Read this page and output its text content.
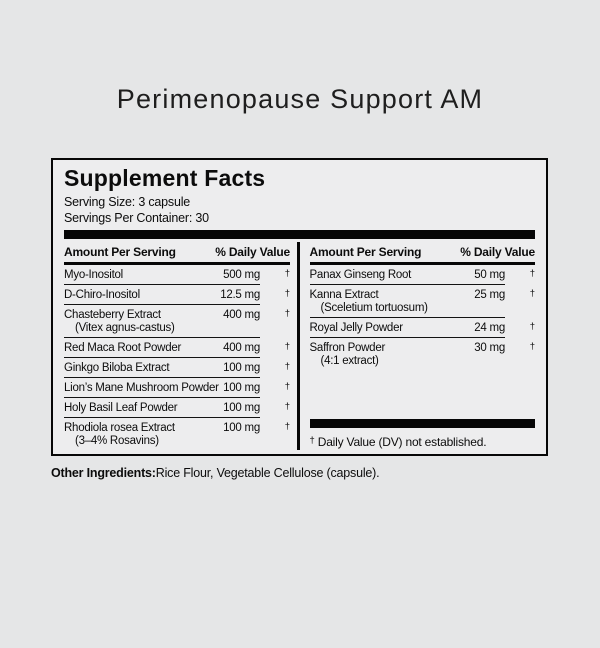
Perimenopause Support AM
Supplement Facts
Serving Size: 3 capsule
Servings Per Container: 30
Amount Per Serving	% Daily Value
Myo-Inositol	500 mg	†
D-Chiro-Inositol	12.5 mg	†
Chasteberry Extract	400 mg
(Vitex agnus-castus)
†
Red Maca Root Powder	400 mg	†
Ginkgo Biloba Extract	100 mg	†
Lion’s Mane Mushroom Powder 100 mg	†
Holy Basil Leaf Powder	100 mg	†
Rhodiola rosea Extract	100 mg
(3–4% Rosavins)
†
Amount Per Serving	% Daily Value
Panax Ginseng Root	50 mg	†
Kanna Extract	25 mg
(Sceletium tortuosum)
†
Royal Jelly Powder	24 mg	†
Saffron Powder	30 mg
(4:1 extract)
†
† Daily Value (DV) not established.

Other Ingredients:Rice Flour, Vegetable Cellulose (capsule).
